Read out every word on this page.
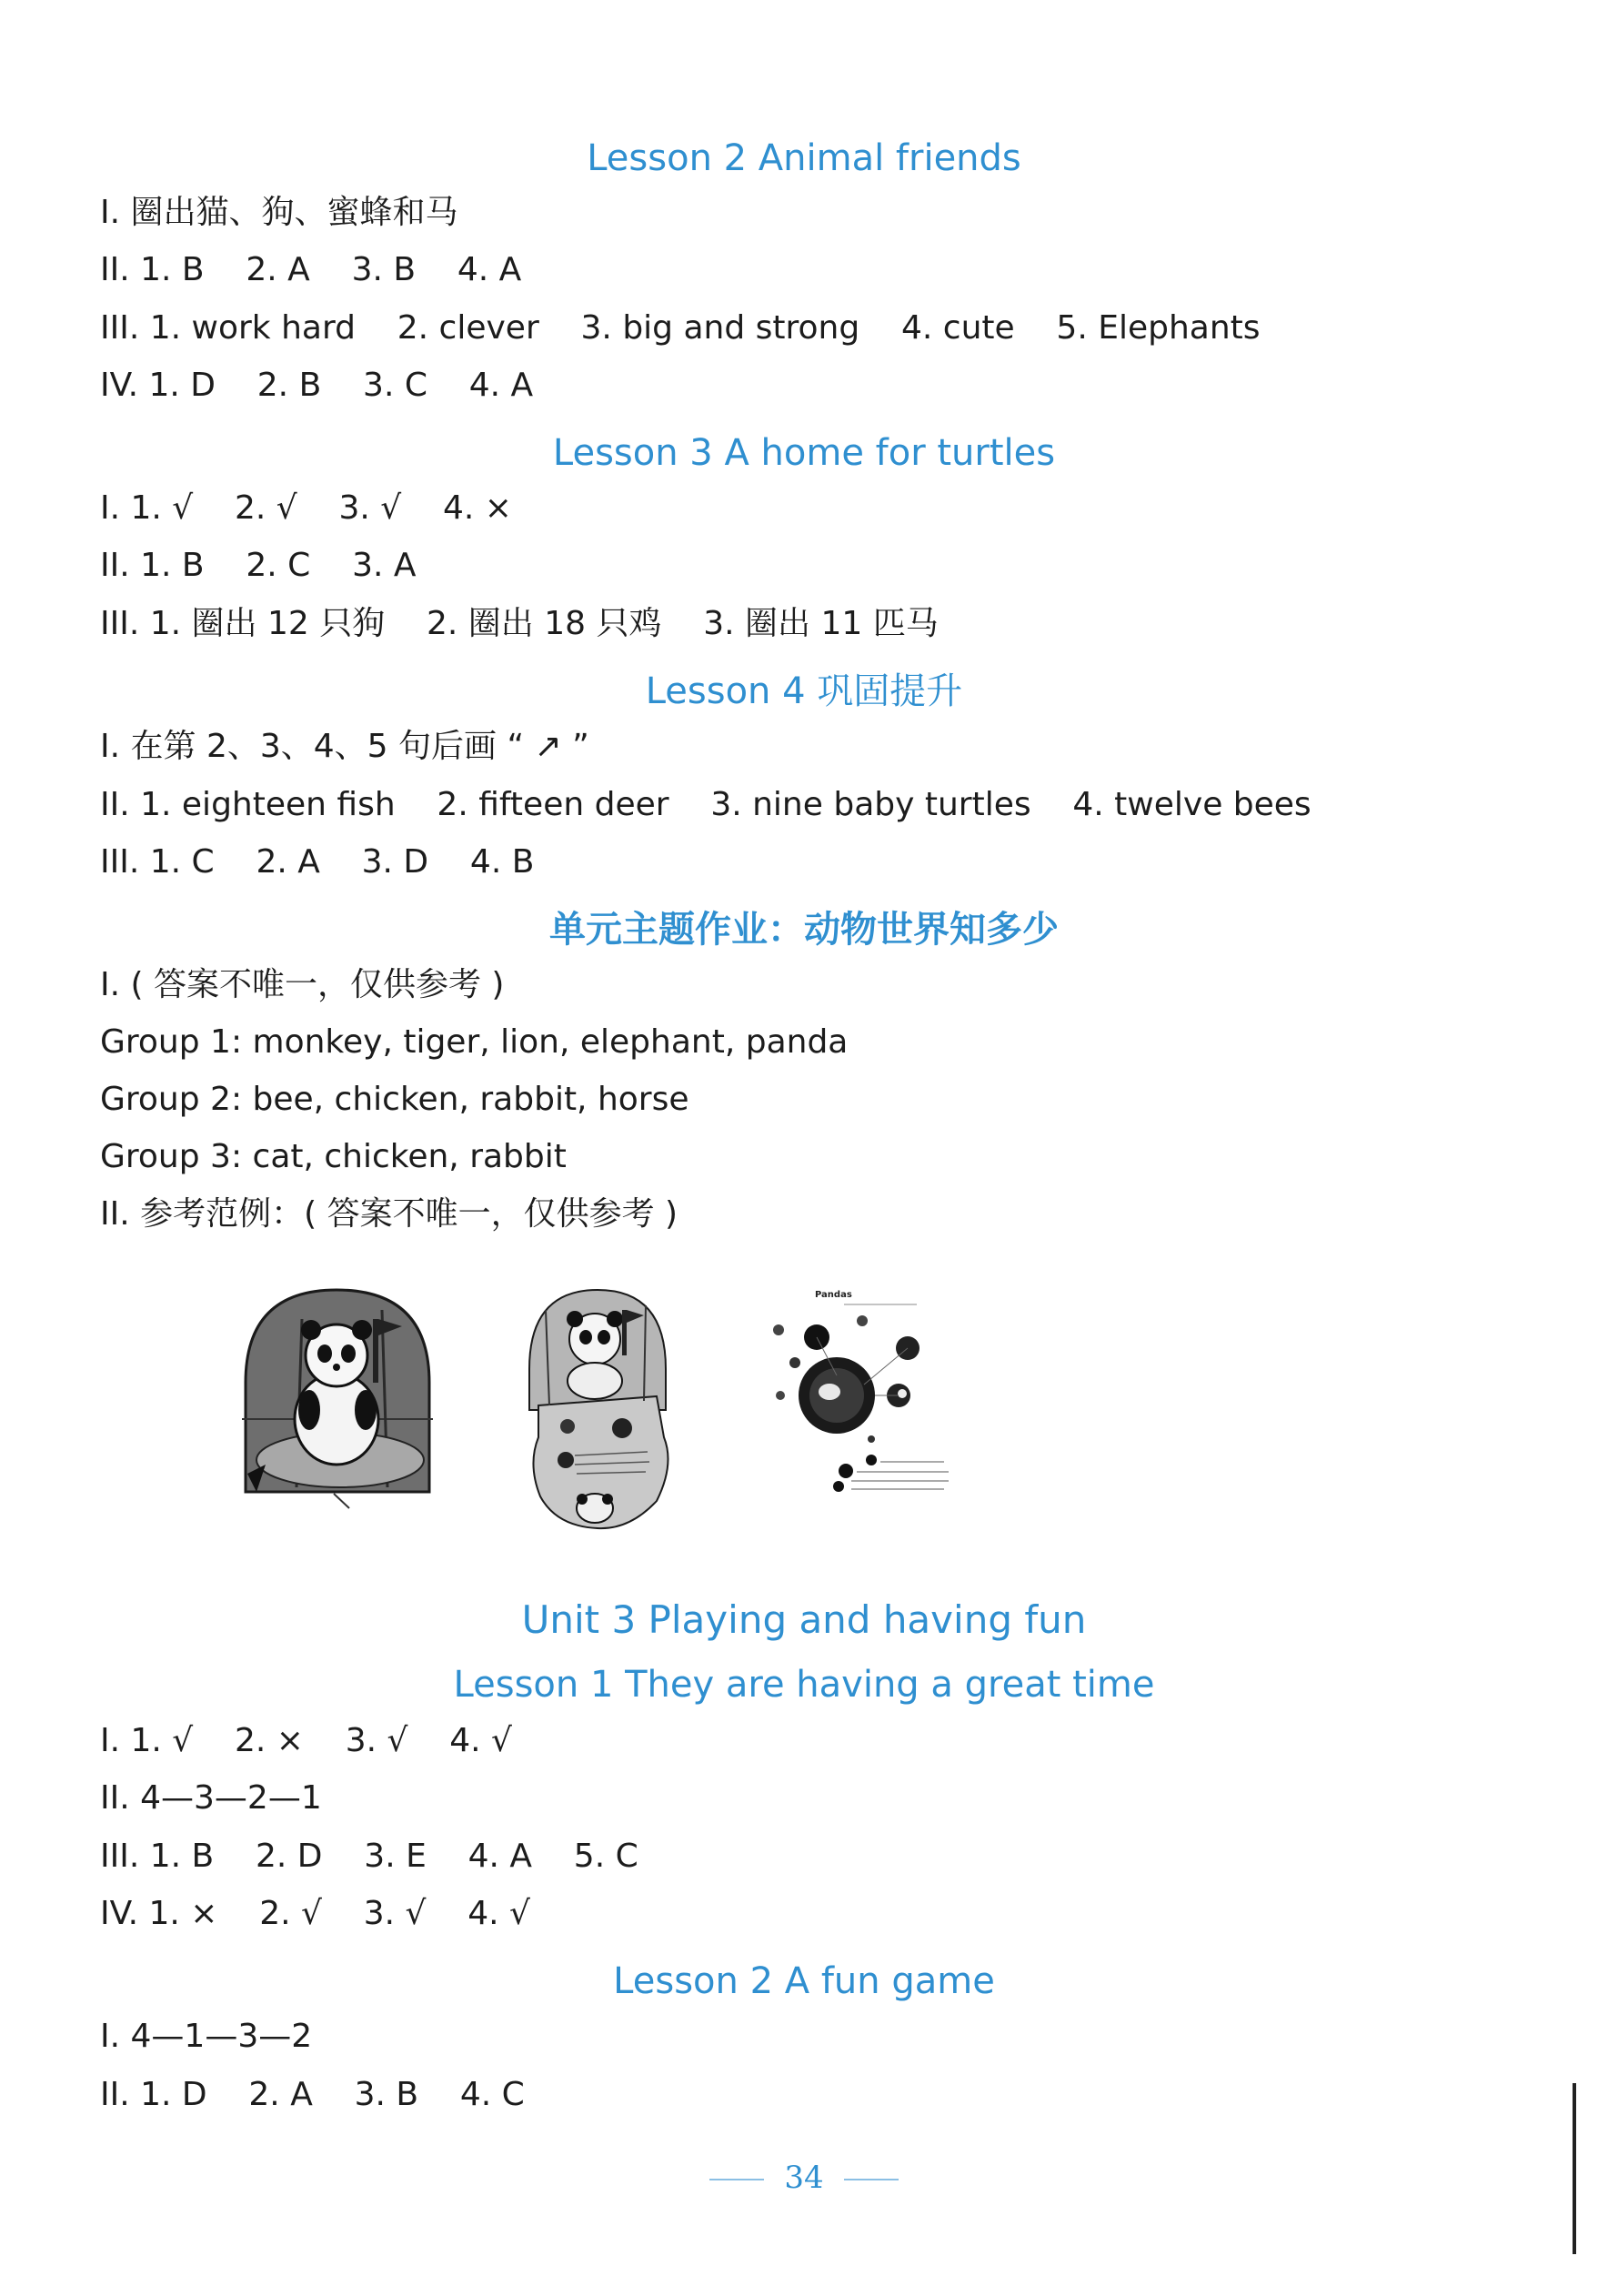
Lesson 2 Animal friends
I. 圈出猫、狗、蜜蜂和马
II. 1. B    2. A    3. B    4. A
III. 1. work hard    2. clever    3. big and strong    4. cute    5. Elephants
IV. 1. D    2. B    3. C    4. A
Lesson 3 A home for turtles
I. 1. √    2. √    3. √    4. ×
II. 1. B    2. C    3. A
III. 1. 圈出 12 只狗    2. 圈出 18 只鸡    3. 圈出 11 匹马
Lesson 4 巩固提升
I. 在第 2、3、4、5 句后画 “ ↗ ”
II. 1. eighteen fish    2. fifteen deer    3. nine baby turtles    4. twelve bees
III. 1. C    2. A    3. D    4. B
单元主题作业：动物世界知多少
I. ( 答案不唯一，仅供参考 )
Group 1: monkey, tiger, lion, elephant, panda
Group 2: bee, chicken, rabbit, horse
Group 3: cat, chicken, rabbit
II. 参考范例：( 答案不唯一，仅供参考 )
Pandas
Unit 3 Playing and having fun
Lesson 1 They are having a great time
I. 1. √    2. ×    3. √    4. √
II. 4—3—2—1
III. 1. B    2. D    3. E    4. A    5. C
IV. 1. ×    2. √    3. √    4. √
Lesson 2 A fun game
I. 4—1—3—2
II. 1. D    2. A    3. B    4. C
34
